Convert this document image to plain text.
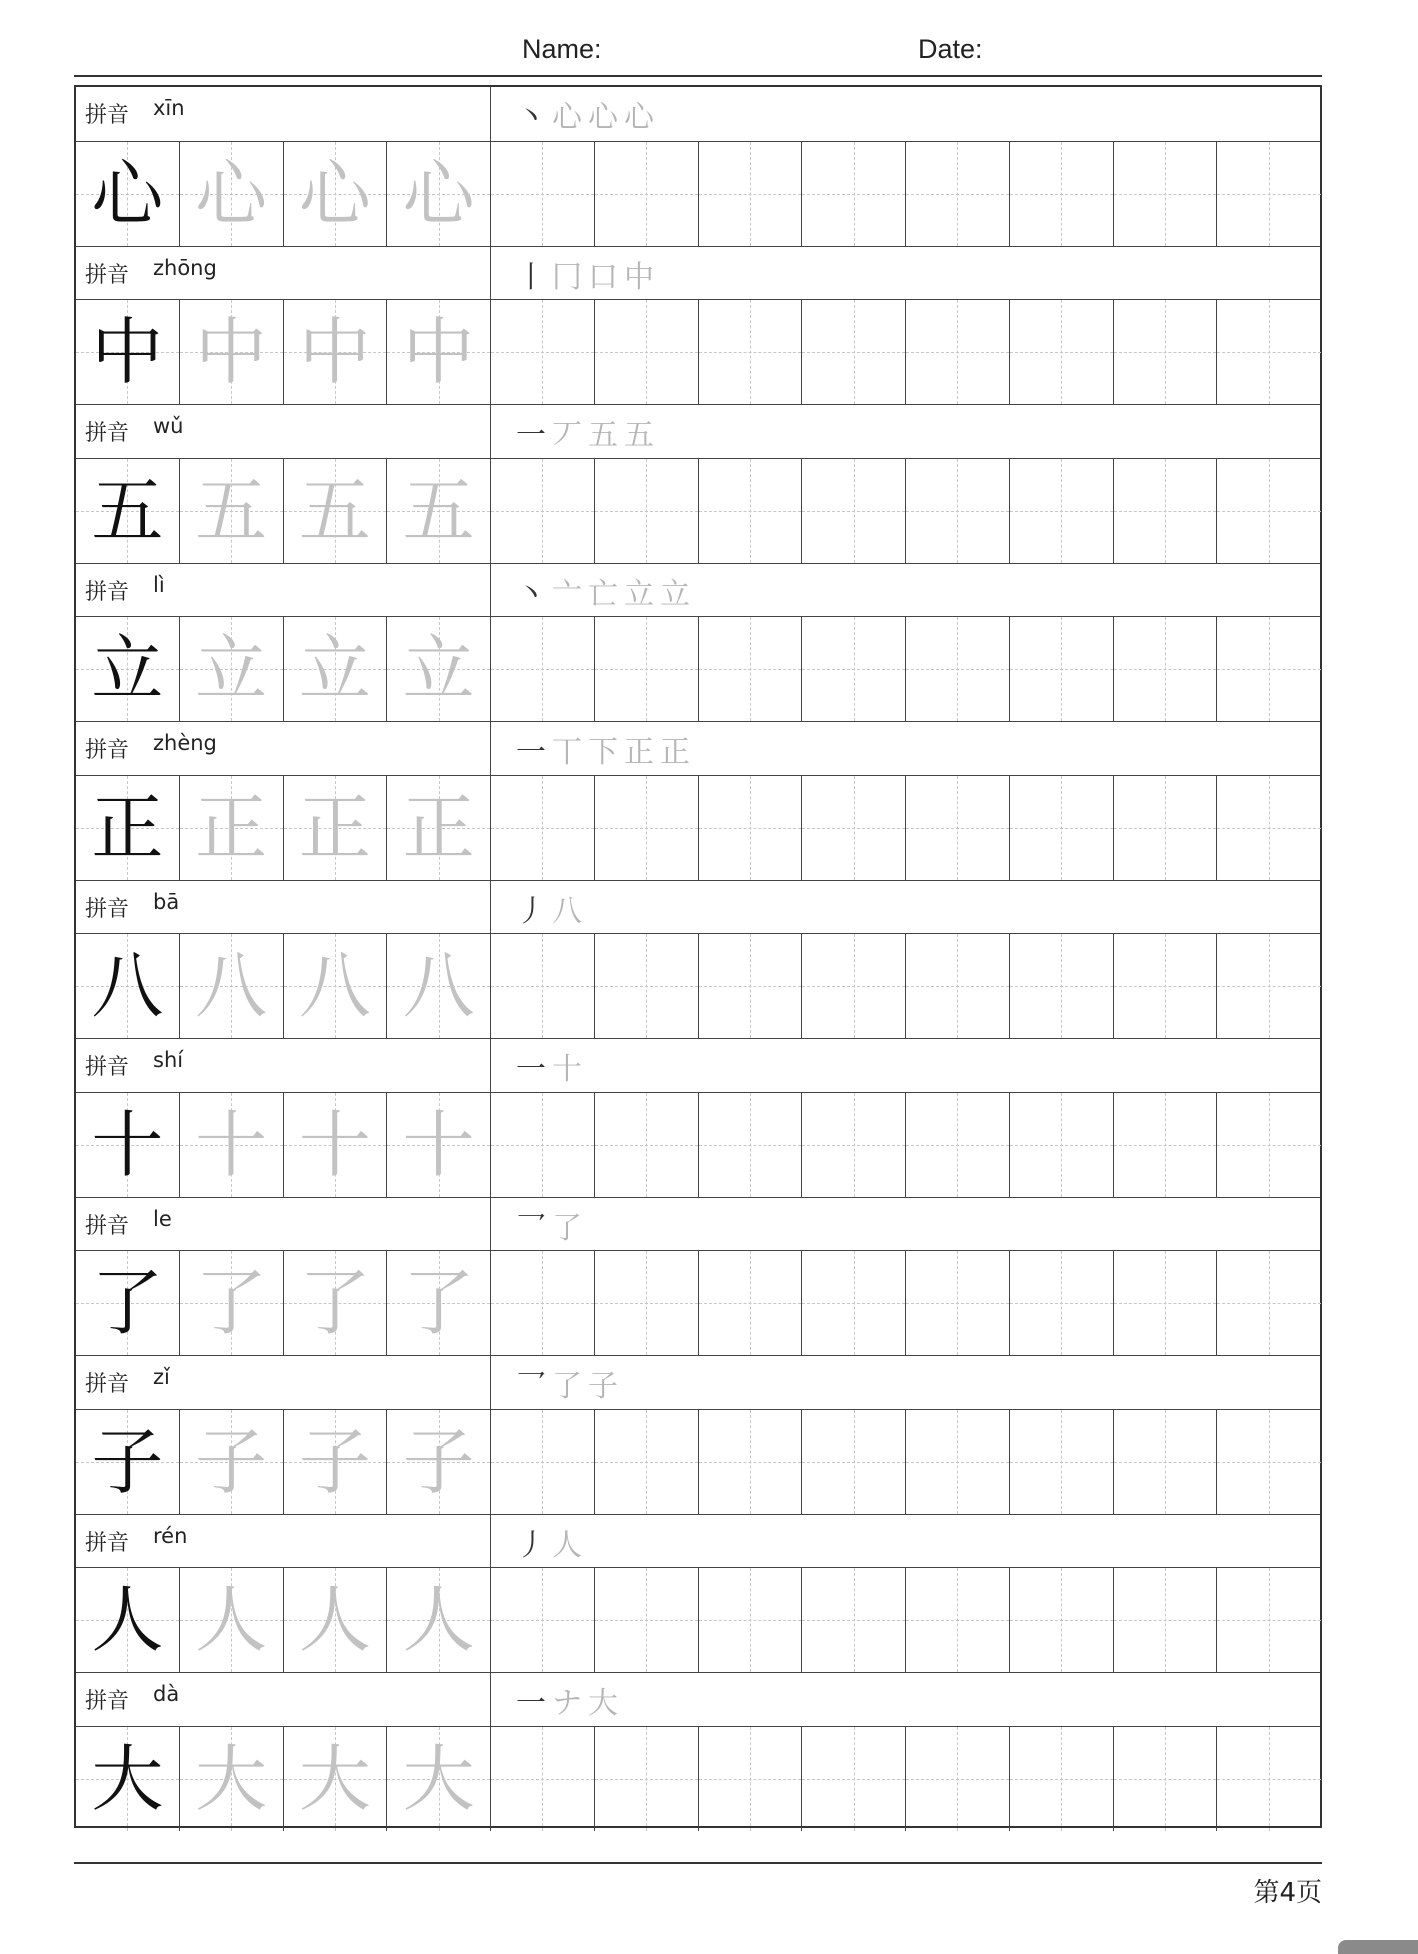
Name:	Date:
拼音 xīn	丶 心 心 心
心 心 心 心
拼音 zhōng	丨 冂 口 中
中 中 中 中
拼音 wǔ	一 丆 五 五
五 五 五 五
拼音 lì	丶 亠 亡 立 立
立 立 立 立
拼音 zhèng	一 丅 下 正 正
正 正 正 正
拼音 bā	丿 八
八 八 八 八
拼音 shí	一 十
十 十 十 十
拼音 le	乛 了
了 了 了 了
拼音 zǐ	乛 了 子
子 子 子 子
拼音 rén	丿 人
人 人 人 人
拼音 dà	一 ナ 大
大 大 大 大
第4页
